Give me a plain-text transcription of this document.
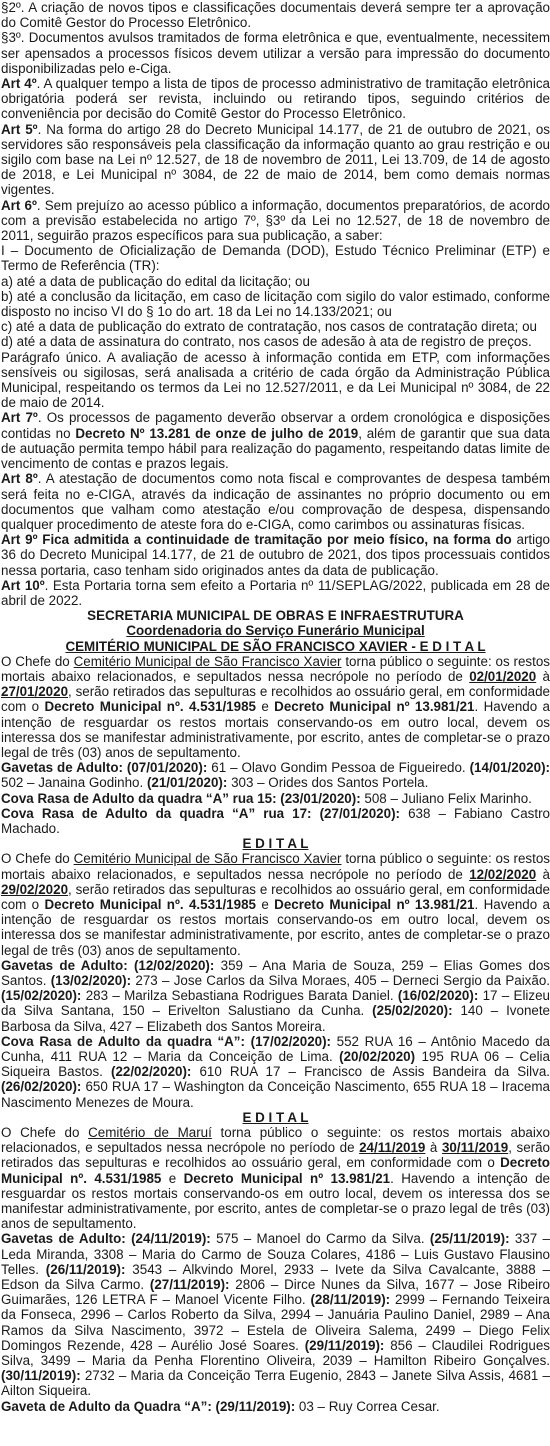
§2º. A criação de novos tipos e classificações documentais deverá sempre ter a aprovação do Comitê Gestor do Processo Eletrônico.

§3º. Documentos avulsos tramitados de forma eletrônica e que, eventualmente, necessitem ser apensados a processos físicos devem utilizar a versão para impressão do documento disponibilizadas pelo e-Ciga.

Art 4º. A qualquer tempo a lista de tipos de processo administrativo de tramitação eletrônica obrigatória poderá ser revista, incluindo ou retirando tipos, seguindo critérios de conveniência por decisão do Comitê Gestor do Processo Eletrônico.

Art 5º. Na forma do artigo 28 do Decreto Municipal 14.177, de 21 de outubro de 2021, os servidores são responsáveis pela classificação da informação quanto ao grau restrição e ou sigilo com base na Lei nº 12.527, de 18 de novembro de 2011, Lei 13.709, de 14 de agosto de 2018, e Lei Municipal nº 3084, de 22 de maio de 2014, bem como demais normas vigentes.

Art 6º. Sem prejuízo ao acesso público a informação, documentos preparatórios, de acordo com a previsão estabelecida no artigo 7º, §3º da Lei no 12.527, de 18 de novembro de 2011, seguirão prazos específicos para sua publicação, a saber:

I – Documento de Oficialização de Demanda (DOD), Estudo Técnico Preliminar (ETP) e Termo de Referência (TR):

a) até a data de publicação do edital da licitação; ou

b) até a conclusão da licitação, em caso de licitação com sigilo do valor estimado, conforme disposto no inciso VI do § 1o do art. 18 da Lei no 14.133/2021; ou

c) até a data de publicação do extrato de contratação, nos casos de contratação direta; ou

d) até a data de assinatura do contrato, nos casos de adesão à ata de registro de preços.

Parágrafo único. A avaliação de acesso à informação contida em ETP, com informações sensíveis ou sigilosas, será analisada a critério de cada órgão da Administração Pública Municipal, respeitando os termos da Lei no 12.527/2011, e da Lei Municipal nº 3084, de 22 de maio de 2014.

Art 7º. Os processos de pagamento deverão observar a ordem cronológica e disposições contidas no Decreto Nº 13.281 de onze de julho de 2019, além de garantir que sua data de autuação permita tempo hábil para realização do pagamento, respeitando datas limite de vencimento de contas e prazos legais.

Art 8º. A atestação de documentos como nota fiscal e comprovantes de despesa também será feita no e-CIGA, através da indicação de assinantes no próprio documento ou em documentos que valham como atestação e/ou comprovação de despesa, dispensando qualquer procedimento de ateste fora do e-CIGA, como carimbos ou assinaturas físicas.

Art 9º Fica admitida a continuidade de tramitação por meio físico, na forma do artigo 36 do Decreto Municipal 14.177, de 21 de outubro de 2021, dos tipos processuais contidos nessa portaria, caso tenham sido originados antes da data de publicação.

Art 10º. Esta Portaria torna sem efeito a Portaria nº 11/SEPLAG/2022, publicada em 28 de abril de 2022.

SECRETARIA MUNICIPAL DE OBRAS E INFRAESTRUTURA

Coordenadoria do Serviço Funerário Municipal

CEMITÉRIO MUNICIPAL DE SÃO FRANCISCO XAVIER - E D I T A L

O Chefe do Cemitério Municipal de São Francisco Xavier torna público o seguinte: os restos mortais abaixo relacionados, e sepultados nessa necrópole no período de 02/01/2020 à 27/01/2020, serão retirados das sepulturas e recolhidos ao ossuário geral, em conformidade com o Decreto Municipal nº. 4.531/1985 e Decreto Municipal nº 13.981/21. Havendo a intenção de resguardar os restos mortais conservando-os em outro local, devem os interessa dos se manifestar administrativamente, por escrito, antes de completar-se o prazo legal de três (03) anos de sepultamento.

Gavetas de Adulto: (07/01/2020): 61 – Olavo Gondim Pessoa de Figueiredo. (14/01/2020): 502 – Janaina Godinho. (21/01/2020): 303 – Orides dos Santos Portela.

Cova Rasa de Adulto da quadra “A” rua 15: (23/01/2020): 508 – Juliano Felix Marinho.

Cova Rasa de Adulto da quadra “A” rua 17: (27/01/2020): 638 – Fabiano Castro Machado.

E D I T A L

O Chefe do Cemitério Municipal de São Francisco Xavier torna público o seguinte: os restos mortais abaixo relacionados, e sepultados nessa necrópole no período de 12/02/2020 à 29/02/2020, serão retirados das sepulturas e recolhidos ao ossuário geral, em conformidade com o Decreto Municipal nº. 4.531/1985 e Decreto Municipal nº 13.981/21. Havendo a intenção de resguardar os restos mortais conservando-os em outro local, devem os interessa dos se manifestar administrativamente, por escrito, antes de completar-se o prazo legal de três (03) anos de sepultamento.

Gavetas de Adulto: (12/02/2020): 359 – Ana Maria de Souza, 259 – Elias Gomes dos Santos. (13/02/2020): 273 – Jose Carlos da Silva Moraes, 405 – Derneci Sergio da Paixão. (15/02/2020): 283 – Marilza Sebastiana Rodrigues Barata Daniel. (16/02/2020): 17 – Elizeu da Silva Santana, 150 – Erivelton Salustiano da Cunha. (25/02/2020): 140 – Ivonete Barbosa da Silva, 427 – Elizabeth dos Santos Moreira.

Cova Rasa de Adulto da quadra “A”: (17/02/2020): 552 RUA 16 – Antônio Macedo da Cunha, 411 RUA 12 – Maria da Conceição de Lima. (20/02/2020) 195 RUA 06 – Celia Siqueira Bastos. (22/02/2020): 610 RUA 17 – Francisco de Assis Bandeira da Silva. (26/02/2020): 650 RUA 17 – Washington da Conceição Nascimento, 655 RUA 18 – Iracema Nascimento Menezes de Moura.

E D I T A L

O Chefe do Cemitério de Maruí torna público o seguinte: os restos mortais abaixo relacionados, e sepultados nessa necrópole no período de 24/11/2019 à 30/11/2019, serão retirados das sepulturas e recolhidos ao ossuário geral, em conformidade com o Decreto Municipal nº. 4.531/1985 e Decreto Municipal nº 13.981/21. Havendo a intenção de resguardar os restos mortais conservando-os em outro local, devem os interessa dos se manifestar administrativamente, por escrito, antes de completar-se o prazo legal de três (03) anos de sepultamento.

Gavetas de Adulto: (24/11/2019): 575 – Manoel do Carmo da Silva. (25/11/2019): 337 – Leda Miranda, 3308 – Maria do Carmo de Souza Colares, 4186 – Luis Gustavo Flausino Telles. (26/11/2019): 3543 – Alkvindo Morel, 2933 – Ivete da Silva Cavalcante, 3888 – Edson da Silva Carmo. (27/11/2019): 2806 – Dirce Nunes da Silva, 1677 – Jose Ribeiro Guimarães, 126 LETRA F – Manoel Vicente Filho. (28/11/2019): 2999 – Fernando Teixeira da Fonseca, 2996 – Carlos Roberto da Silva, 2994 – Januária Paulino Daniel, 2989 – Ana Ramos da Silva Nascimento, 3972 – Estela de Oliveira Salema, 2499 – Diego Felix Domingos Rezende, 428 – Aurélio José Soares. (29/11/2019): 856 – Claudilei Rodrigues Silva, 3499 – Maria da Penha Florentino Oliveira, 2039 – Hamilton Ribeiro Gonçalves. (30/11/2019): 2732 – Maria da Conceição Terra Eugenio, 2843 – Janete Silva Assis, 4681 – Ailton Siqueira.

Gaveta de Adulto da Quadra “A”: (29/11/2019): 03 – Ruy Correa Cesar.
